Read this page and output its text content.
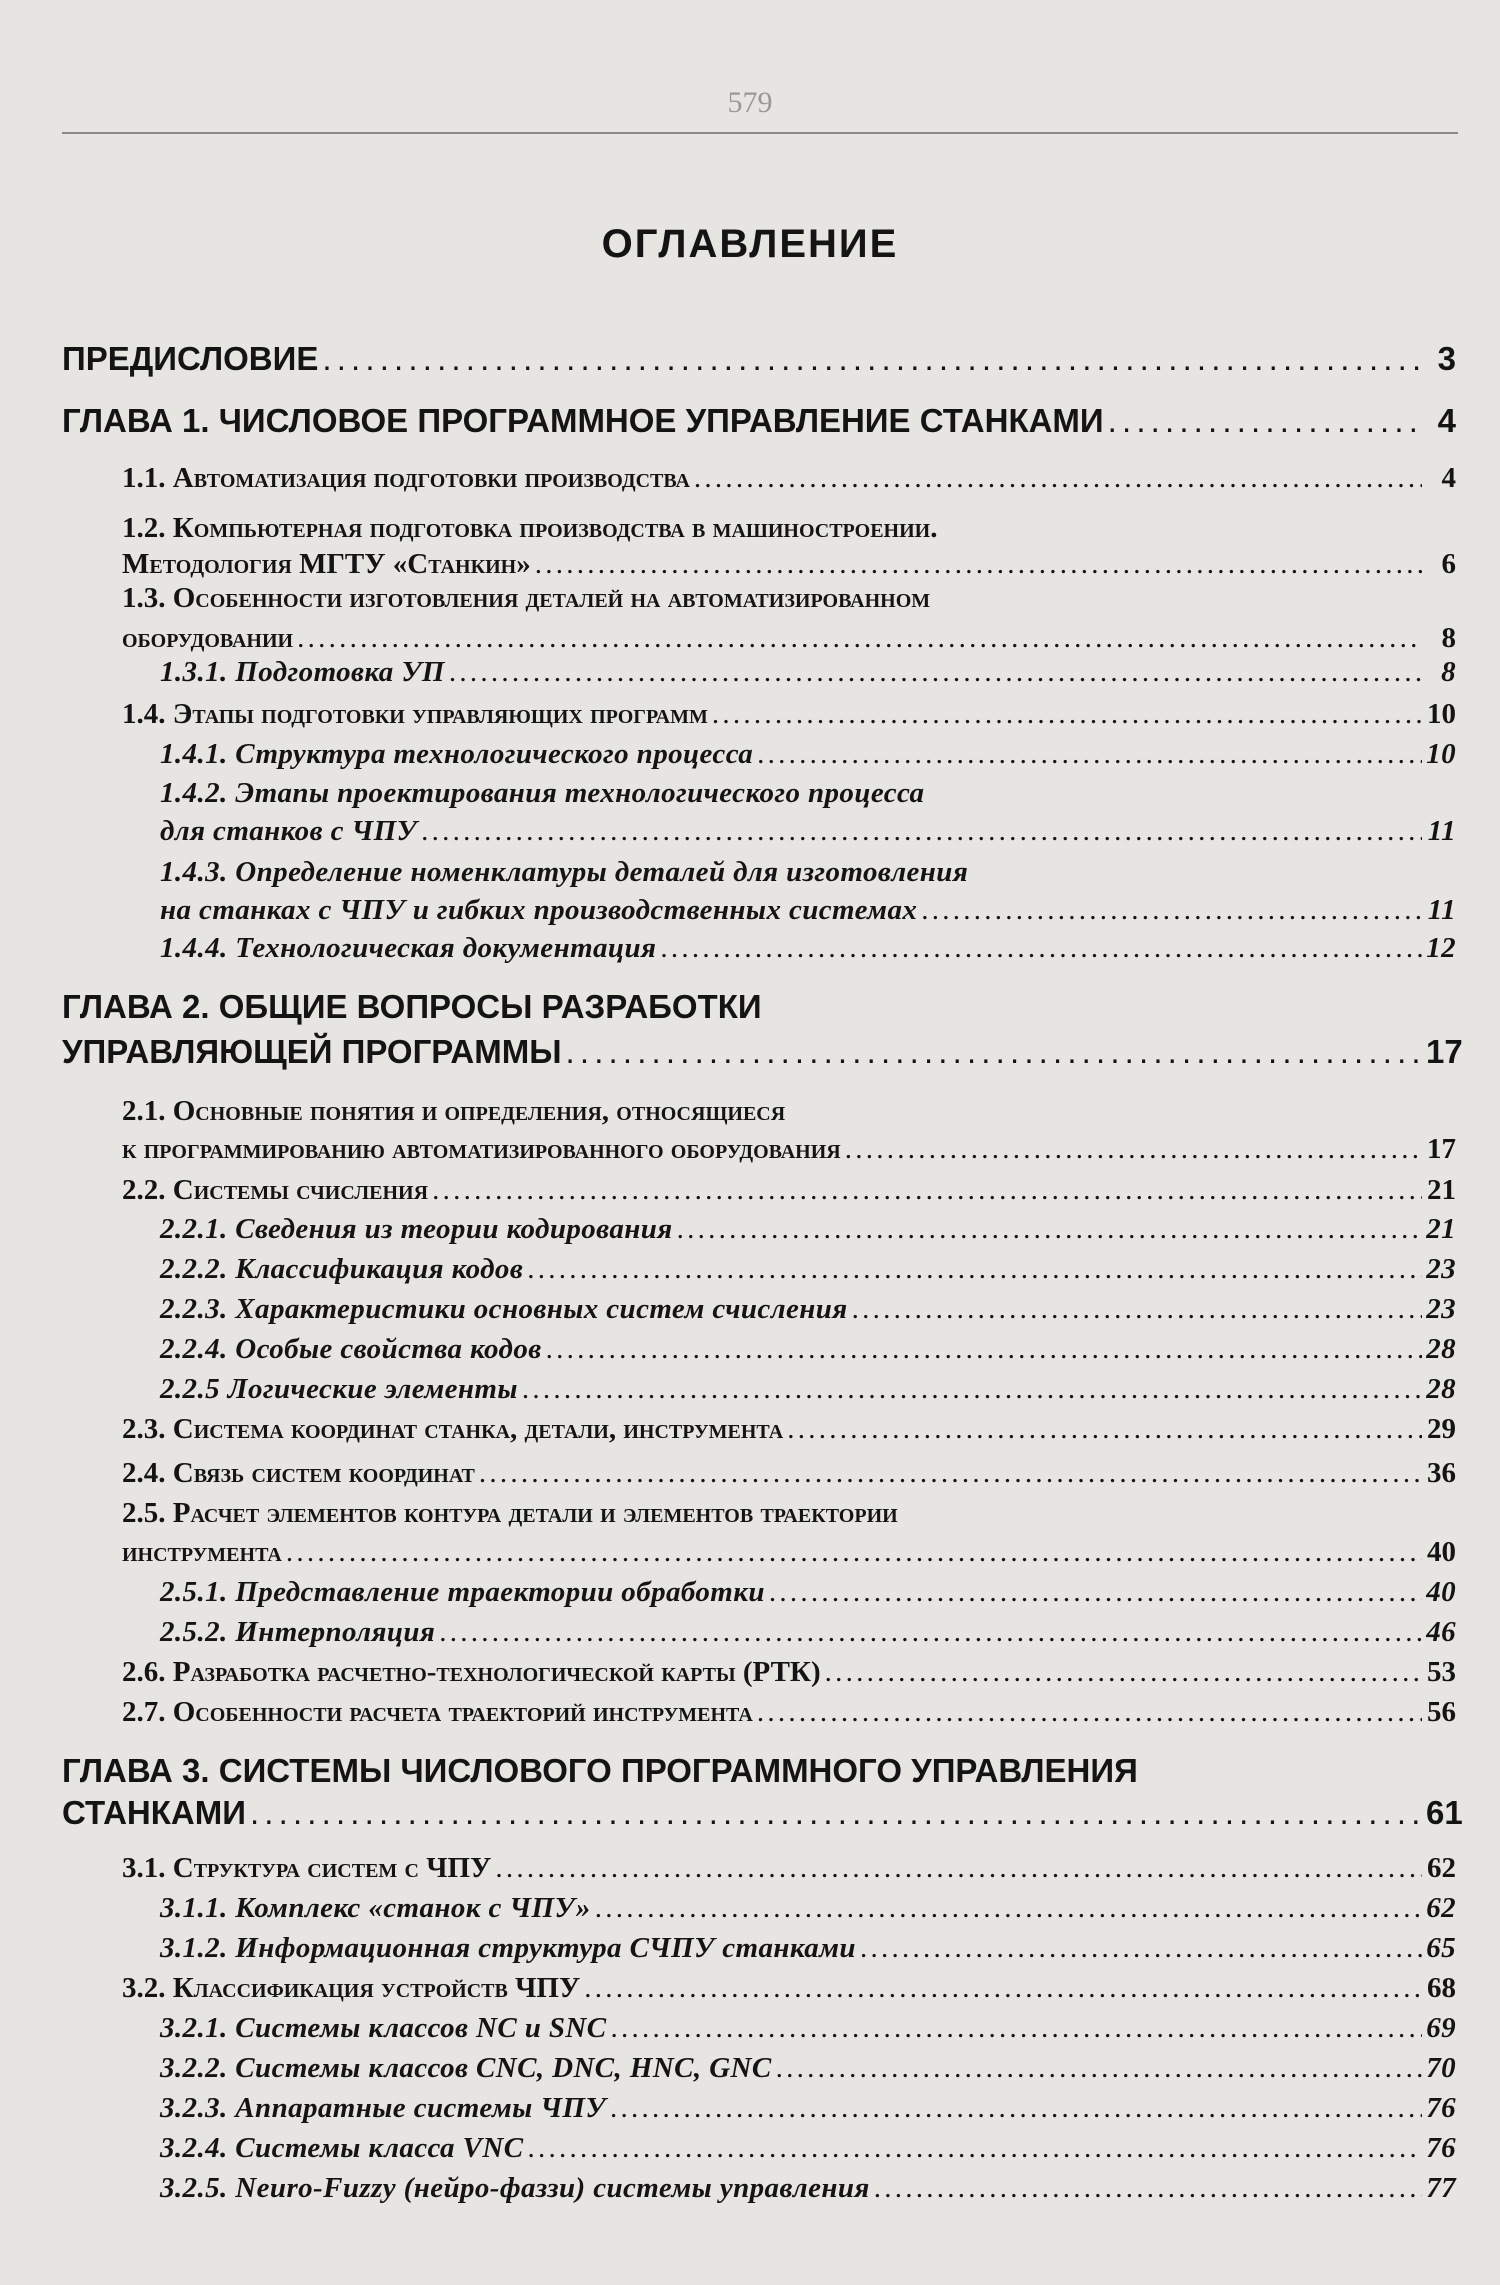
579
ОГЛАВЛЕНИЕ
ПРЕДИСЛОВИЕ . . .	3
ГЛАВА 1. ЧИСЛОВОЕ ПРОГРАММНОЕ УПРАВЛЕНИЕ СТАНКАМИ . . .	4
1.1. Автоматизация подготовки производства . . .	4
1.2. Компьютерная подготовка производства в машиностроении.
Методология МГТУ «Станкин» . . .	6
1.3. Особенности изготовления деталей на автоматизированном
оборудовании . . .	8
1.3.1. Подготовка УП . . .	8
1.4. Этапы подготовки управляющих программ . . .	10
1.4.1. Структура технологического процесса . . .	10
1.4.2. Этапы проектирования технологического процесса
для станков с ЧПУ . . .	11
1.4.3. Определение номенклатуры деталей для изготовления
на станках с ЧПУ и гибких производственных системах . . .	11
1.4.4. Технологическая документация . . .	12
ГЛАВА 2. ОБЩИЕ ВОПРОСЫ РАЗРАБОТКИ
УПРАВЛЯЮЩЕЙ ПРОГРАММЫ . . .	17
2.1. Основные понятия и определения, относящиеся
к программированию автоматизированного оборудования . . .	17
2.2. Системы счисления . . .	21
2.2.1. Сведения из теории кодирования . . .	21
2.2.2. Классификация кодов . . .	23
2.2.3. Характеристики основных систем счисления . . .	23
2.2.4. Особые свойства кодов . . .	28
2.2.5 Логические элементы . . .	28
2.3. Система координат станка, детали, инструмента . . .	29
2.4. Связь систем координат . . .	36
2.5. Расчет элементов контура детали и элементов траектории
инструмента . . .	40
2.5.1. Представление траектории обработки . . .	40
2.5.2. Интерполяция . . .	46
2.6. Разработка расчетно-технологической карты (РТК) . . .	53
2.7. Особенности расчета траекторий инструмента . . .	56
ГЛАВА 3. СИСТЕМЫ ЧИСЛОВОГО ПРОГРАММНОГО УПРАВЛЕНИЯ
СТАНКАМИ . . .	61
3.1. Структура систем с ЧПУ . . .	62
3.1.1. Комплекс «станок с ЧПУ» . . .	62
3.1.2. Информационная структура СЧПУ станками . . .	65
3.2. Классификация устройств ЧПУ . . .	68
3.2.1. Системы классов NC и SNC . . .	69
3.2.2. Системы классов CNC, DNC, HNC, GNC . . .	70
3.2.3. Аппаратные системы ЧПУ . . .	76
3.2.4. Системы класса VNC . . .	76
3.2.5. Neuro-Fuzzy (нейро-фаззи) системы управления . . .	77
